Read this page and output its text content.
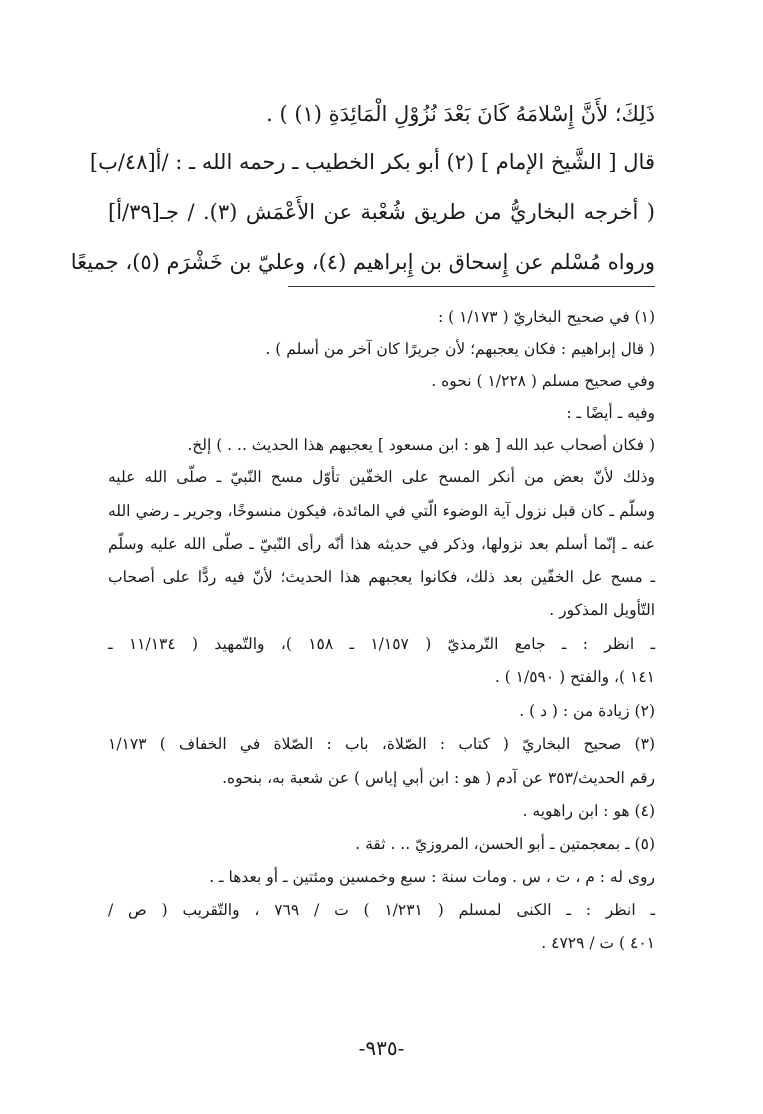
ذَلِكَ؛ لأَنَّ إِسْلامَهُ كَانَ بَعْدَ نُزُوْلِ الْمَائِدَةِ (١) ) .
قال [ الشَّيخ الإمام ] (٢) أبو بكر الخطيب ـ رحمه الله ـ : /أ[٤٨/ب]
( أخرجه البخاريُّ من طريق شُعْبة عن الأَعْمَش (٣). / جـ[٣٩/أ]
ورواه مُسْلم عن إِسحاق بن إِبراهيم (٤)، وعليّ بن خَشْرَم (٥)، جميعًا
(١) في صحيح البخاريّ ( ١/١٧٣ ) :
( قال إبراهيم : فكان يعجبهم؛ لأن جريرًا كان آخر من أسلم ) .
وفي صحيح مسلم ( ١/٢٢٨ ) نحوه .
وفيه ـ أيضًا ـ :
( فكان أصحاب عبد الله [ هو : ابن مسعود ] يعجبهم هذا الحديث .. . ) إلخ.
وذلك لأنّ بعض من أنكر المسح على الخفّين تأوّل مسح النّبيّ ـ صلّى الله عليه
وسلّم ـ كان قبل نزول آية الوضوء الّتي في المائدة، فيكون منسوخًا، وجرير ـ رضي الله
عنه ـ إنّما أسلم بعد نزولها، وذكر في حديثه هذا أنّه رأى النّبيّ ـ صلّى الله عليه وسلّم
ـ مسح عل الخفّين بعد ذلك، فكانوا يعجبهم هذا الحديث؛ لأنّ فيه ردًّا على أصحاب
التّأويل المذكور .
ـ انظر : ـ جامع التّرمذيّ ( ١/١٥٧ ـ ١٥٨ )، والتّمهيد ( ١١/١٣٤ ـ
١٤١ )، والفتح ( ١/٥٩٠ ) .
(٢) زيادة من : ( د ) .
(٣) صحيح البخاريّ ( كتاب : الصّلاة، باب : الصّلاة في الخفاف ) ١/١٧٣
رقم الحديث/٣٥٣ عن آدم ( هو : ابن أبي إياس ) عن شعبة به، بنحوه.
(٤) هو : ابن راهويه .
(٥) ـ بمعجمتين ـ أبو الحسن، المروزيّ .. . ثقة .
روى له : م ، ت ، س . ومات سنة : سبع وخمسين ومئتين ـ أو بعدها ـ .
ـ انظر : ـ الكنى لمسلم ( ١/٢٣١ ) ت / ٧٦٩ ، والتّقريب ( ص /
٤٠١ ) ت / ٤٧٢٩ .
-٩٣٥-
